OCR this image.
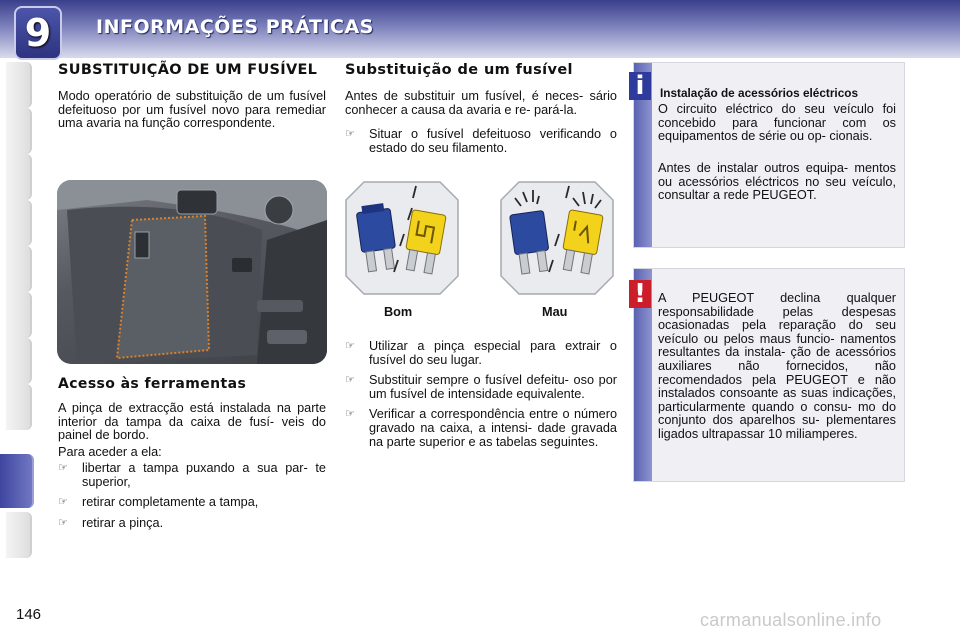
9	INFORMAÇÕES PRÁTICAS
SUBSTITUIÇÃO DE UM FUSÍVEL

Modo operatório de substituição de um fusível defeituoso por um fusível novo para remediar uma avaria na função correspondente.

Acesso às ferramentas

A pinça de extracção está instalada na parte interior da tampa da caixa de fusí- veis do painel de bordo.

Para aceder a ela:

☞ libertar a tampa puxando a sua par- te superior,
☞ retirar completamente a tampa,
☞ retirar a pinça.
Substituição de um fusível

Antes de substituir um fusível, é neces- sário conhecer a causa da avaria e re- pará-la.

☞ Situar o fusível defeituoso verificando o estado do seu filamento.
Bom	Mau
☞ Utilizar a pinça especial para extrair o fusível do seu lugar.
☞ Substituir sempre o fusível defeitu- oso por um fusível de intensidade equivalente.
☞ Verificar a correspondência entre o número gravado na caixa, a intensi- dade gravada na parte superior e as tabelas seguintes.
i	Instalação de acessórios eléctricos

O circuito eléctrico do seu veículo foi concebido para funcionar com os equipamentos de série ou op- cionais.

Antes de instalar outros equipa- mentos ou acessórios eléctricos no seu veículo, consultar a rede PEUGEOT.

! A PEUGEOT declina qualquer responsabilidade pelas despesas ocasionadas pela reparação do seu veículo ou pelos maus funcio- namentos resultantes da instala- ção de acessórios auxiliares não fornecidos, não recomendados pela PEUGEOT e não instalados consoante as suas indicações, particularmente quando o consu- mo do conjunto dos aparelhos su- plementares ligados ultrapassar 10 miliamperes.

146	carmanualsonline.info
